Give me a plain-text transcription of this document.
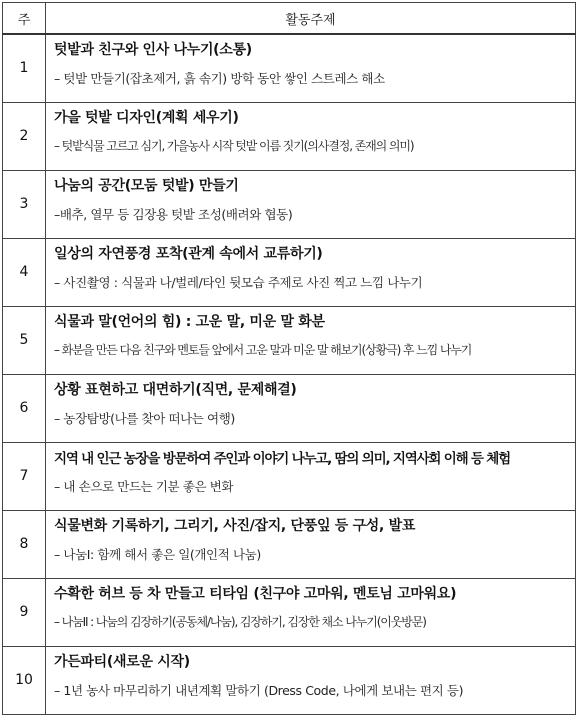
주	활동주제
1	텃밭과 친구와 인사 나누기(소통)
– 텃밭 만들기(잡초제거, 흙 솎기) 방학 동안 쌓인 스트레스 해소

2	가을 텃밭 디자인(계획 세우기)
– 텃밭식물 고르고 심기, 가을농사 시작 텃밭 이름 짓기(의사결정, 존재의 의미)

3	나눔의 공간(모둠 텃밭) 만들기
–배추, 열무 등 김장용 텃밭 조성(배려와 협동)

4	일상의 자연풍경 포착(관계 속에서 교류하기)
– 사진촬영 : 식물과 나/벌레/타인 뒷모습 주제로 사진 찍고 느낌 나누기

5	식물과 말(언어의 힘) : 고운 말, 미운 말 화분
– 화분을 만든 다음 친구와 멘토들 앞에서 고운 말과 미운 말 해보기(상황극) 후 느낌 나누기

6	상황 표현하고 대면하기(직면, 문제해결)
– 농장탐방(나를 찾아 떠나는 여행)

7	지역 내 인근 농장을 방문하여 주인과 이야기 나누고, 땀의 의미, 지역사회 이해 등 체험
– 내 손으로 만드는 기분 좋은 변화

8	식물변화 기록하기, 그리기, 사진/잡지, 단풍잎 등 구성, 발표
– 나눔Ⅰ: 함께 해서 좋은 일(개인적 나눔)

9	수확한 허브 등 차 만들고 티타임 (친구야 고마워, 멘토님 고마워요)
– 나눔Ⅱ : 나눔의 김장하기(공동체/나눔), 김장하기, 김장한 채소 나누기(이웃방문)

10	가든파티(새로운 시작)
– 1년 농사 마무리하기 내년계획 말하기 (Dress Code, 나에게 보내는 편지 등)
